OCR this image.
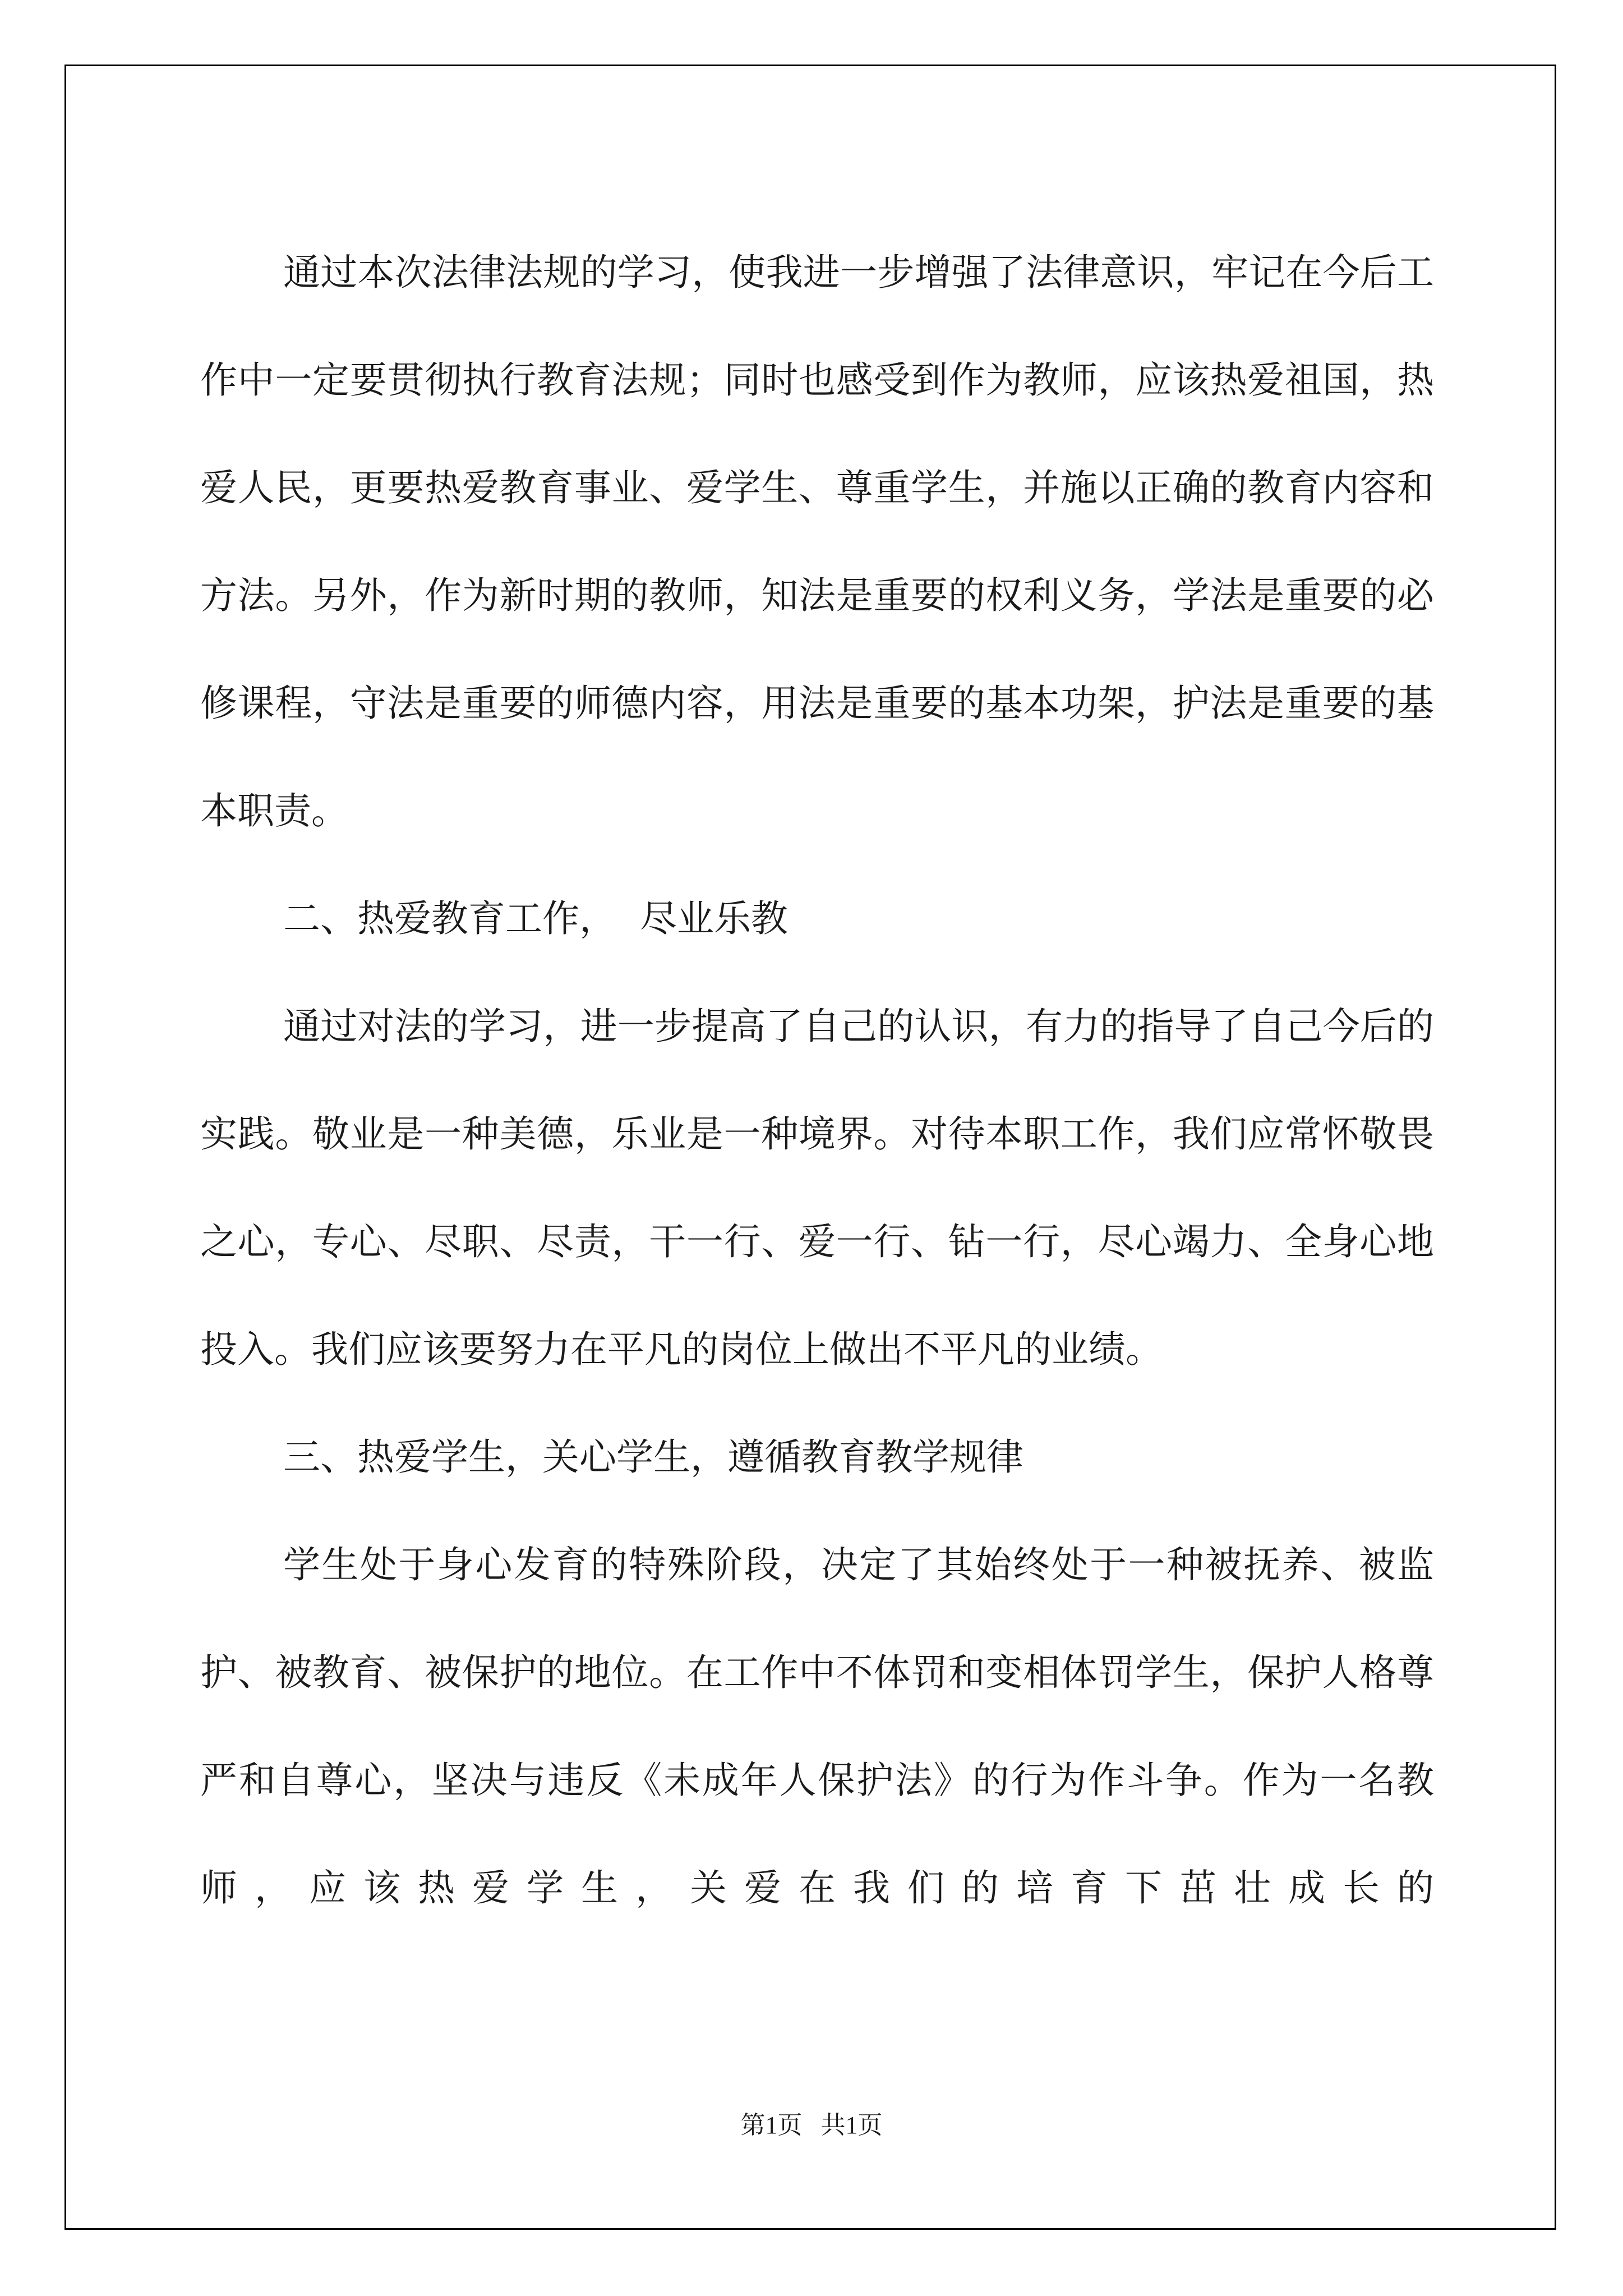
通过本次法律法规的学习，使我进一步增强了法律意识，牢记在今后工作中一定要贯彻执行教育法规；同时也感受到作为教师，应该热爱祖国，热爱人民，更要热爱教育事业、爱学生、尊重学生，并施以正确的教育内容和方法。另外，作为新时期的教师，知法是重要的权利义务，学法是重要的必修课程，守法是重要的师德内容，用法是重要的基本功架，护法是重要的基本职责。

二、热爱教育工作，  尽业乐教

通过对法的学习，进一步提高了自己的认识，有力的指导了自己今后的实践。敬业是一种美德，乐业是一种境界。对待本职工作，我们应常怀敬畏之心，专心、尽职、尽责，干一行、爱一行、钻一行，尽心竭力、全身心地投入。我们应该要努力在平凡的岗位上做出不平凡的业绩。

三、热爱学生，关心学生，遵循教育教学规律

学生处于身心发育的特殊阶段，决定了其始终处于一种被抚养、被监护、被教育、被保护的地位。在工作中不体罚和变相体罚学生，保护人格尊严和自尊心，坚决与违反《未成年人保护法》的行为作斗争。作为一名教师，应该热爱学生，关爱在我们的培育下茁壮成长的

第1页   共1页
